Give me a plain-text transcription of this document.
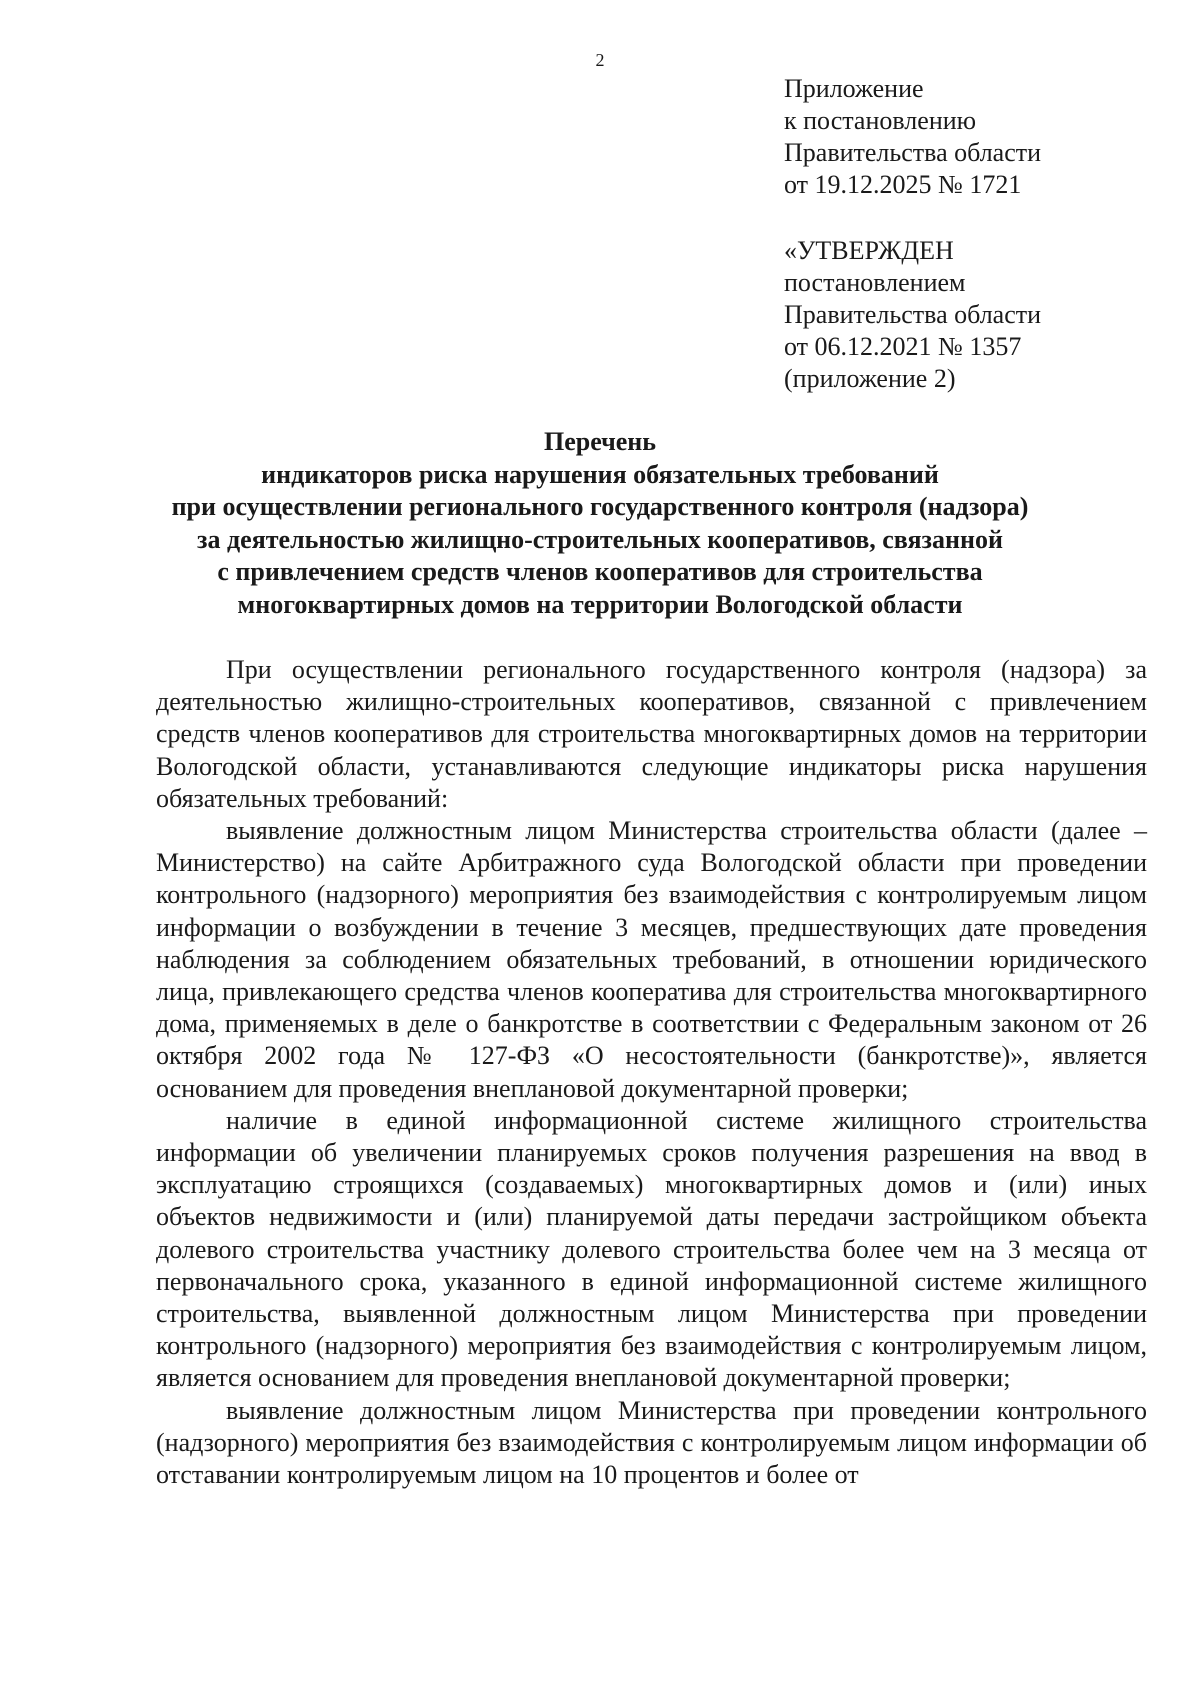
2
Приложение
к постановлению
Правительства области
от 19.12.2025 № 1721
«УТВЕРЖДЕН
постановлением
Правительства области
от 06.12.2021 № 1357
(приложение 2)
Перечень
индикаторов риска нарушения обязательных требований
при осуществлении регионального государственного контроля (надзора)
за деятельностью жилищно-строительных кооперативов, связанной
с привлечением средств членов кооперативов для строительства
многоквартирных домов на территории Вологодской области

При осуществлении регионального государственного контроля (надзора) за деятельностью жилищно-строительных кооперативов, связанной с привлечением средств членов кооперативов для строительства многоквартирных домов на территории Вологодской области, устанавливаются следующие индикаторы риска нарушения обязательных требований:

выявление должностным лицом Министерства строительства области (далее – Министерство) на сайте Арбитражного суда Вологодской области при проведении контрольного (надзорного) мероприятия без взаимодействия с контролируемым лицом информации о возбуждении в течение 3 месяцев, предшествующих дате проведения наблюдения за соблюдением обязательных требований, в отношении юридического лица, привлекающего средства членов кооператива для строительства многоквартирного дома, применяемых в деле о банкротстве в соответствии с Федеральным законом от 26 октября 2002 года № 127-ФЗ «О несостоятельности (банкротстве)», является основанием для проведения внеплановой документарной проверки;

наличие в единой информационной системе жилищного строительства информации об увеличении планируемых сроков получения разрешения на ввод в эксплуатацию строящихся (создаваемых) многоквартирных домов и (или) иных объектов недвижимости и (или) планируемой даты передачи застройщиком объекта долевого строительства участнику долевого строительства более чем на 3 месяца от первоначального срока, указанного в единой информационной системе жилищного строительства, выявленной должностным лицом Министерства при проведении контрольного (надзорного) мероприятия без взаимодействия с контролируемым лицом, является основанием для проведения внеплановой документарной проверки;

выявление должностным лицом Министерства при проведении контрольного (надзорного) мероприятия без взаимодействия с контролируемым лицом информации об отставании контролируемым лицом на 10 процентов и более от
